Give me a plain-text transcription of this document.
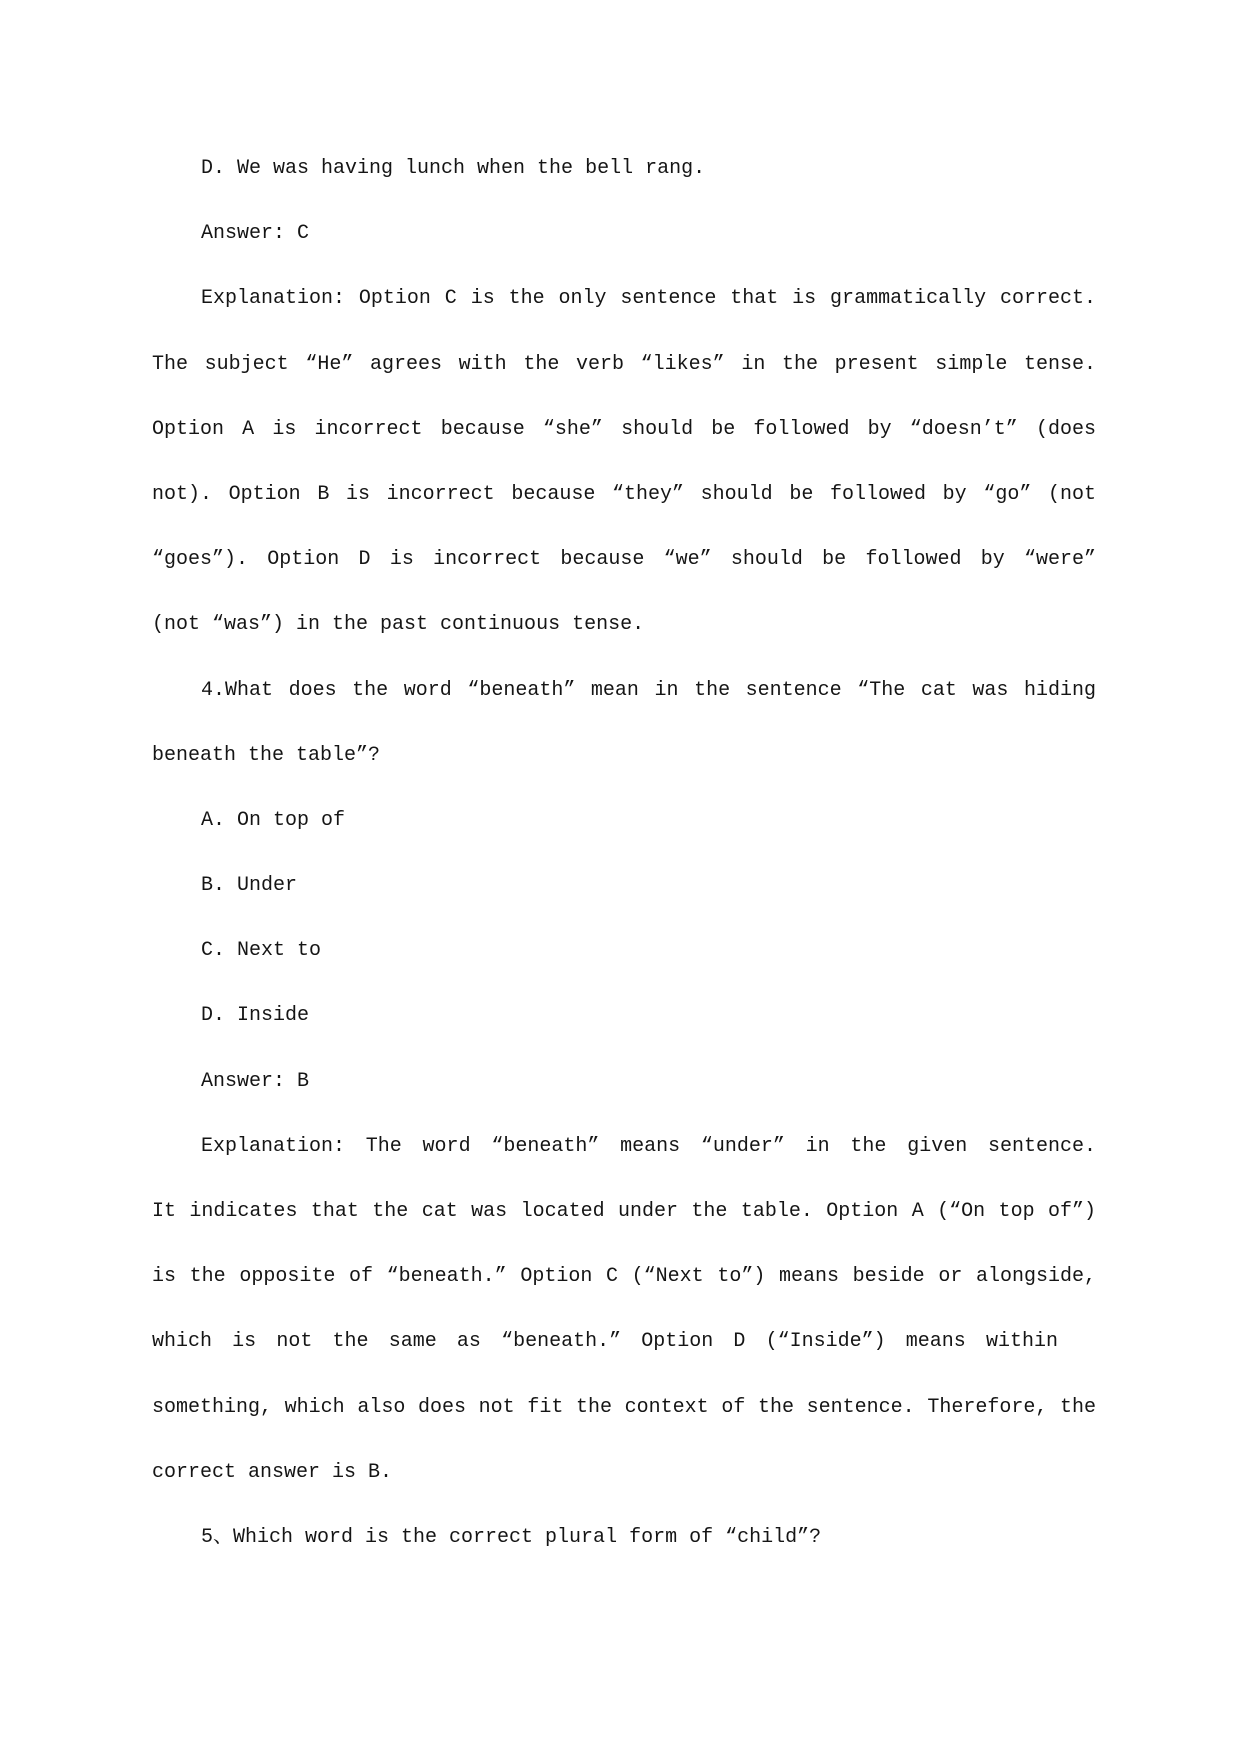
D. We was having lunch when the bell rang.
Answer: C
Explanation: Option C is the only sentence that is grammatically correct.
The subject “He” agrees with the verb “likes” in the present simple tense.
Option A is incorrect because “she” should be followed by “doesn’t” (does
not). Option B is incorrect because “they” should be followed by “go” (not
“goes”). Option D is incorrect because “we” should be followed by “were”
(not “was”) in the past continuous tense.
4.What does the word “beneath” mean in the sentence “The cat was hiding
beneath the table”?
A. On top of
B. Under
C. Next to
D. Inside
Answer: B
Explanation: The word “beneath” means “under” in the given sentence.
It indicates that the cat was located under the table. Option A (“On top of”)
is the opposite of “beneath.” Option C (“Next to”) means beside or alongside,
which is not the same as “beneath.” Option D (“Inside”) means within
something, which also does not fit the context of the sentence. Therefore, the
correct answer is B.
5、Which word is the correct plural form of “child”?
